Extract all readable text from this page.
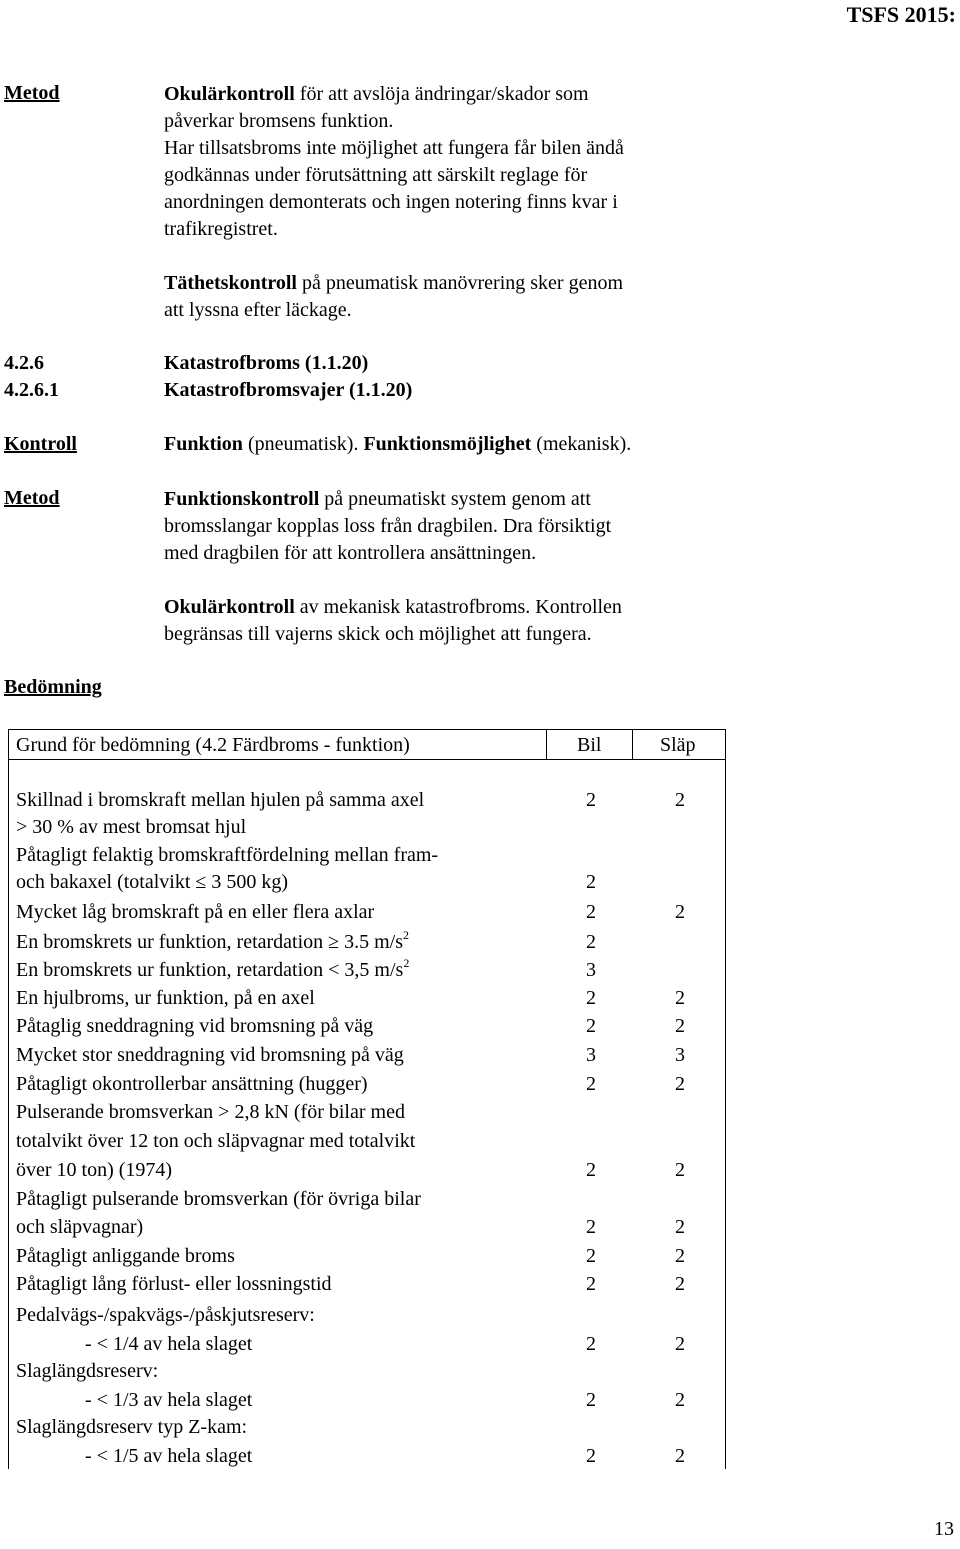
TSFS 2015:
13
Metod	Okulärkontroll för att avslöja ändringar/skador som
påverkar bromsens funktion.
Har tillsatsbroms inte möjlighet att fungera får bilen ändå
godkännas under förutsättning att särskilt reglage för
anordningen demonterats och ingen notering finns kvar i
trafikregistret.
Täthetskontroll på pneumatisk manövrering sker genom
att lyssna efter läckage.
4.2.6	Katastrofbroms (1.1.20)
4.2.6.1	Katastrofbromsvajer (1.1.20)
Kontroll	Funktion (pneumatisk). Funktionsmöjlighet (mekanisk).
Metod	Funktionskontroll på pneumatiskt system genom att
bromsslangar kopplas loss från dragbilen. Dra försiktigt
med dragbilen för att kontrollera ansättningen.
Okulärkontroll av mekanisk katastrofbroms. Kontrollen
begränsas till vajerns skick och möjlighet att fungera.
Bedömning
Grund för bedömning (4.2 Färdbroms - funktion)	Bil	Släp
Skillnad i bromskraft mellan hjulen på samma axel
> 30 % av mest bromsat hjul
2	2
Påtagligt felaktig bromskraftfördelning mellan fram-
och bakaxel (totalvikt ≤ 3 500 kg)	2
Mycket låg bromskraft på en eller flera axlar	2	2
En bromskrets ur funktion, retardation ≥ 3.5 $m/s^2$	2
En bromskrets ur funktion, retardation < 3,5 $m/s^2$	3
En hjulbroms, ur funktion, på en axel	2	2
Påtaglig sneddragning vid bromsning på väg	2	2
Mycket stor sneddragning vid bromsning på väg	3	3
Påtagligt okontrollerbar ansättning (hugger)	2	2
Pulserande bromsverkan > 2,8 kN (för bilar med
totalvikt över 12 ton och släpvagnar med totalvikt
över 10 ton) (1974)	2	2
Påtagligt pulserande bromsverkan (för övriga bilar
och släpvagnar)	2	2
Påtagligt anliggande broms	2	2
Påtagligt lång förlust- eller lossningstid	2	2
Pedalvägs-/spakvägs-/påskjutsreserv:
- < 1/4 av hela slaget	2	2
Slaglängdsreserv:
- < 1/3 av hela slaget	2	2
Slaglängdsreserv typ Z-kam:
- < 1/5 av hela slaget	2	2
